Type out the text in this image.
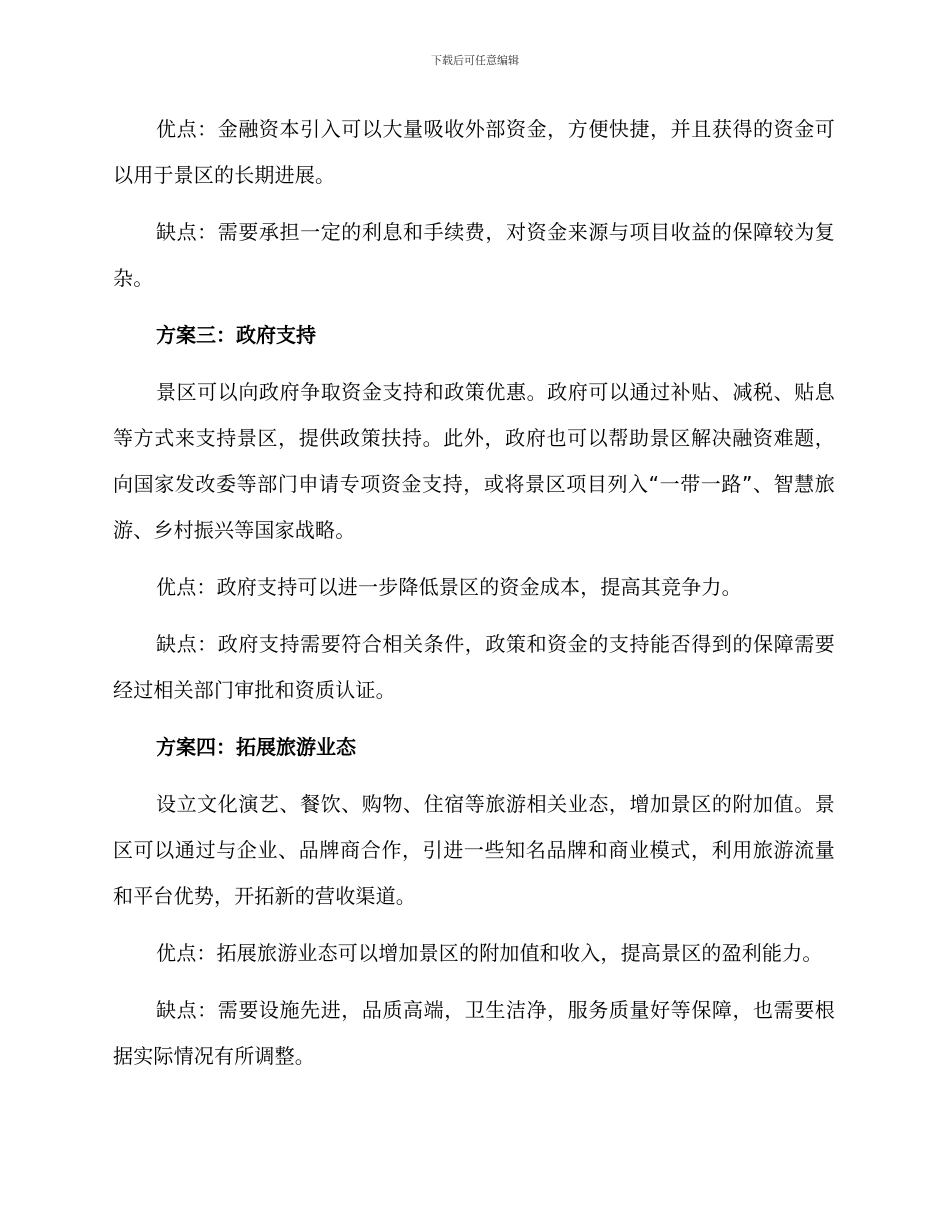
下载后可任意编辑

优点：金融资本引入可以大量吸收外部资金，方便快捷，并且获得的资金可以用于景区的长期进展。

缺点：需要承担一定的利息和手续费，对资金来源与项目收益的保障较为复杂。

方案三：政府支持

景区可以向政府争取资金支持和政策优惠。政府可以通过补贴、减税、贴息等方式来支持景区，提供政策扶持。此外，政府也可以帮助景区解决融资难题，向国家发改委等部门申请专项资金支持，或将景区项目列入“一带一路”、智慧旅游、乡村振兴等国家战略。

优点：政府支持可以进一步降低景区的资金成本，提高其竞争力。

缺点：政府支持需要符合相关条件，政策和资金的支持能否得到的保障需要经过相关部门审批和资质认证。

方案四：拓展旅游业态

设立文化演艺、餐饮、购物、住宿等旅游相关业态，增加景区的附加值。景区可以通过与企业、品牌商合作，引进一些知名品牌和商业模式，利用旅游流量和平台优势，开拓新的营收渠道。

优点：拓展旅游业态可以增加景区的附加值和收入，提高景区的盈利能力。

缺点：需要设施先进，品质高端，卫生洁净，服务质量好等保障，也需要根据实际情况有所调整。
